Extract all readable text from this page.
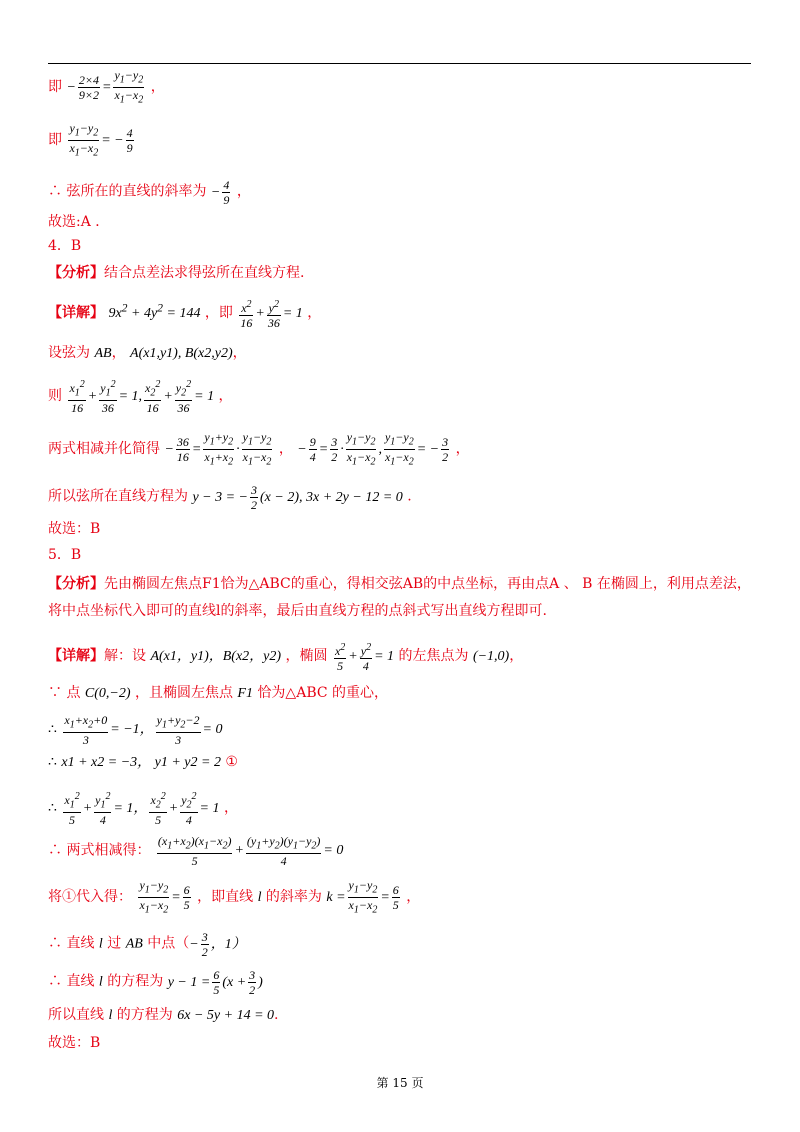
即 − $\frac{2\times 4}{9\times 2} = \frac{y_1-y_2}{x_1-x_2}$ ，
即 $\frac{y_1-y_2}{x_1-x_2}$ = − $\frac{4}{9}$
∴ 弦所在的直线的斜率为 − $\frac{4}{9}$ ，
故选:A ．
4．B
【分析】结合点差法求得弦所在直线方程.
【详解】 $9x^2 + 4y^2 = 144$ ，即 $\frac{x^2}{16} + \frac{y^2}{36} = 1$ ，
设弦为 AB， A(x1,y1), B(x2,y2)，
则 $\frac{x_1^2}{16} + \frac{y_1^2}{36} = 1$, $\frac{x_2^2}{16} + \frac{y_2^2}{36} = 1$ ，
两式相减并化简得 − $\frac{36}{16} = \frac{y_1+y_2}{x_1+x_2} \cdot \frac{y_1-y_2}{x_1-x_2}$ ， − $\frac{9}{4} = \frac{3}{2} \cdot \frac{y_1-y_2}{x_1-x_2}$ , $\frac{y_1-y_2}{x_1-x_2}$ = − $\frac{3}{2}$ ，
所以弦所在直线方程为 y − 3 = − $\frac{3}{2} (x - 2)$, 3x + 2y − 12 = 0 .
故选：B
5．B
【分析】先由椭圆左焦点F1恰为△ABC的重心，得相交弦AB的中点坐标，再由点A 、 B 在椭圆上，利用点差法，
将中点坐标代入即可的直线l的斜率，最后由直线方程的点斜式写出直线方程即可.
【详解】解：设 A(x1，y1)，B(x2，y2) ，椭圆 $\frac{x^2}{5} + \frac{y^2}{4} = 1$ 的左焦点为 (−1,0)，
∵ 点 C(0,−2) ，且椭圆左焦点 F1 恰为△ABC 的重心，
∴ $\frac{x_1+x_2+0}{3} = -1$， $\frac{y_1+y_2-2}{3} = 0$
∴ x1 + x2 = −3， y1 + y2 = 2 ①
∴ $\frac{x_1^2}{5} + \frac{y_1^2}{4} = 1$， $\frac{x_2^2}{5} + \frac{y_2^2}{4} = 1$ ，
∴ 两式相减得： $\frac{(x_1+x_2)(x_1-x_2)}{5} + \frac{(y_1+y_2)(y_1-y_2)}{4} = 0$
将①代入得： $\frac{y_1-y_2}{x_1-x_2} = \frac{6}{5}$ ，即直线 l 的斜率为 $k = \frac{y_1-y_2}{x_1-x_2} = \frac{6}{5}$ ，
∴ 直线 l 过 AB 中点（− $\frac{3}{2}$ ，1）
∴ 直线 l 的方程为 $y - 1 = \frac{6}{5} (x + \frac{3}{2}$ )
所以直线 l 的方程为 6x − 5y + 14 = 0.
故选：B
第 15 页
